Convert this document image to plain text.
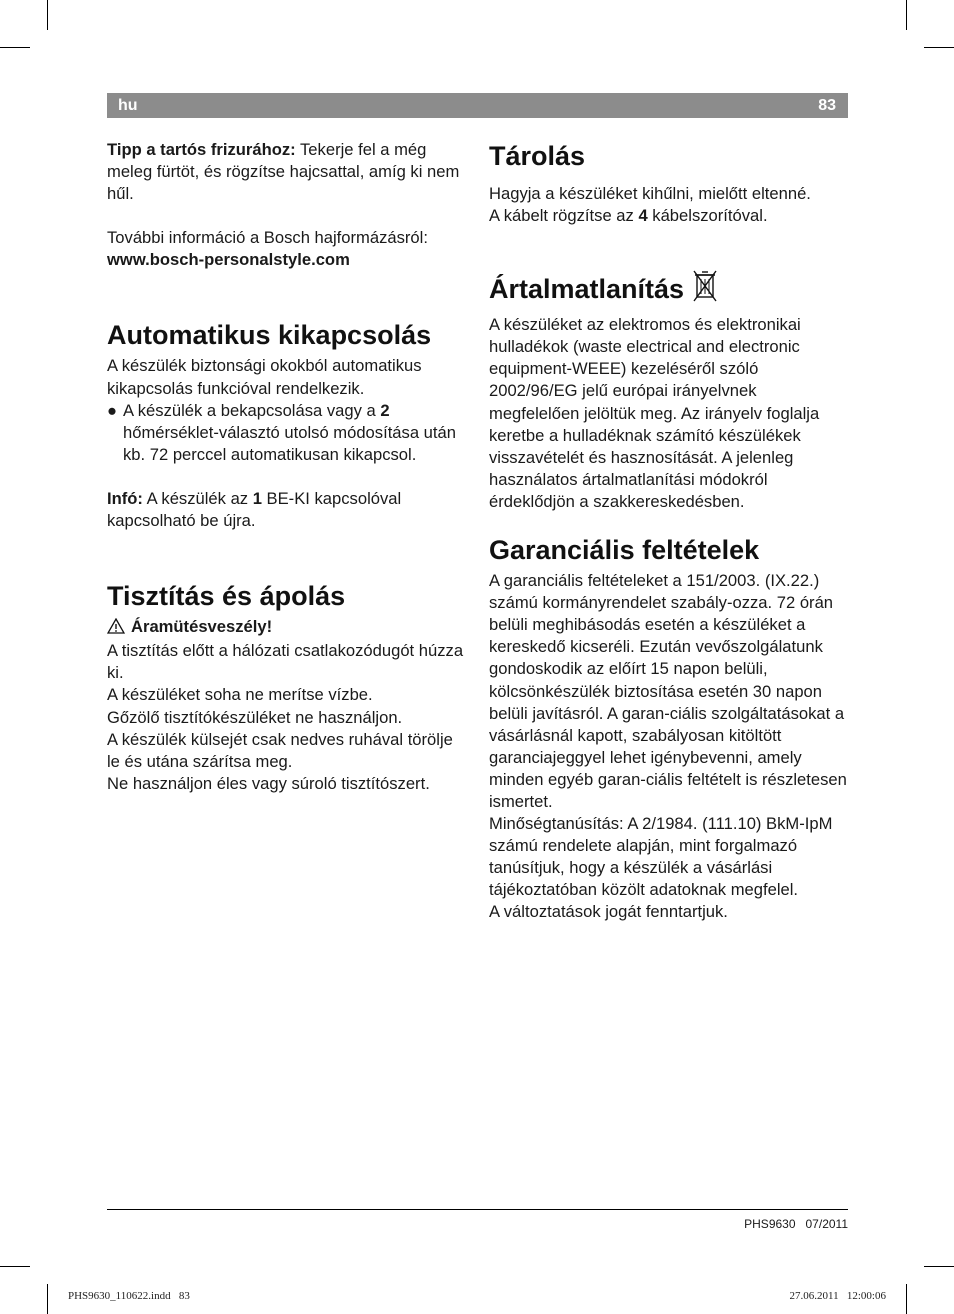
hu	83

Tipp a tartós frizurához: Tekerje fel a még meleg fürtöt, és rögzítse hajcsattal, amíg ki nem hűl.

További információ a Bosch hajformázásról:

www.bosch-personalstyle.com

Automatikus kikapcsolás

A készülék biztonsági okokból automatikus kikapcsolás funkcióval rendelkezik.

● A készülék a bekapcsolása vagy a 2 hőmérséklet-választó utolsó módosítása után kb. 72 perccel automatikusan kikapcsol.

Infó: A készülék az 1 BE-KI kapcsolóval kapcsolható be újra.

Tisztítás és ápolás

Áramütésveszély!

A tisztítás előtt a hálózati csatlakozódugót húzza ki.

A készüléket soha ne merítse vízbe.

Gőzölő tisztítókészüléket ne használjon.

A készülék külsejét csak nedves ruhával törölje le és utána szárítsa meg.

Ne használjon éles vagy súroló tisztítószert.

Tárolás

Hagyja a készüléket kihűlni, mielőtt eltenné.

A kábelt rögzítse az 4 kábelszorítóval.

Ártalmatlanítás

A készüléket az elektromos és elektronikai hulladékok (waste electrical and electronic equipment-WEEE) kezeléséről szóló 2002/96/EG jelű európai irányelvnek megfelelően jelöltük meg. Az irányelv foglalja keretbe a hulladéknak számító készülékek visszavételét és hasznosítását. A jelenleg használatos ártalmatlanítási módokról érdeklődjön a szakkereskedésben.

Garanciális feltételek

A garanciális feltételeket a 151/2003. (IX.22.) számú kormányrendelet szabály-ozza. 72 órán belüli meghibásodás esetén a készüléket a kereskedő kicseréli. Ezután vevőszolgálatunk gondoskodik az előírt 15 napon belüli, kölcsönkészülék biztosítása esetén 30 napon belüli javításról. A garan-ciális szolgáltatásokat a vásárlásnál kapott, szabályosan kitöltött garanciajeggyel lehet igénybevenni, amely minden egyéb garan-ciális feltételt is részletesen ismertet.

Minőségtanúsítás: A 2/1984. (111.10) BkM-IpM számú rendelete alapján, mint forgalmazó tanúsítjuk, hogy a készülék a vásárlási tájékoztatóban közölt adatoknak megfelel.

A változtatások jogát fenntartjuk.

PHS9630   07/2011
PHS9630_110622.indd   83	27.06.2011   12:00:06
